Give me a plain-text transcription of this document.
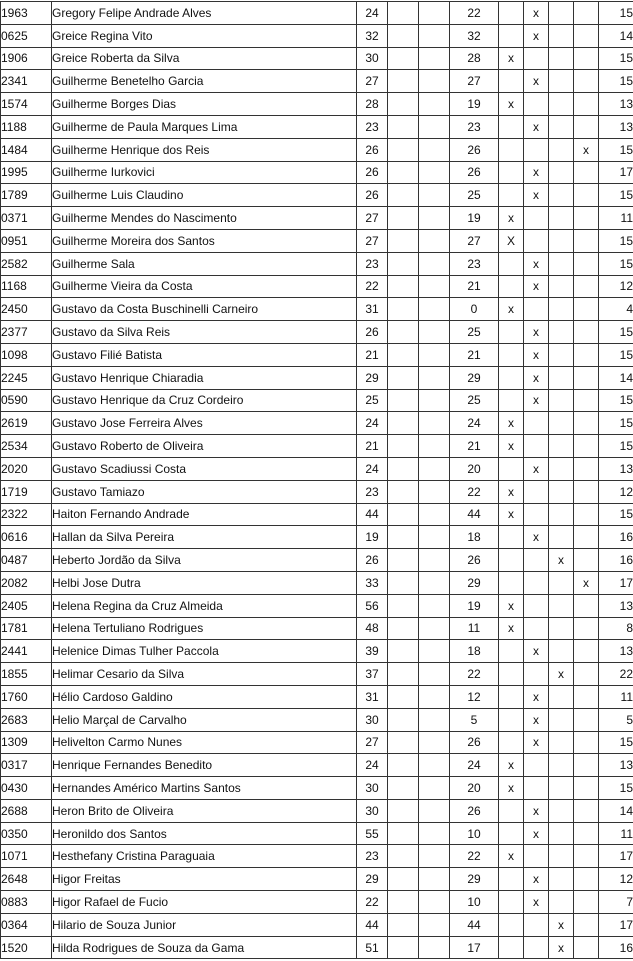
1963	Gregory Felipe Andrade Alves	24			22		x			15
0625	Greice Regina Vito	32			32		x			14
1906	Greice Roberta da Silva	30			28	x				15
2341	Guilherme Benetelho Garcia	27			27		x			15
1574	Guilherme Borges Dias	28			19	x				13
1188	Guilherme de Paula Marques Lima	23			23		x			13
1484	Guilherme Henrique dos Reis	26			26				x	15
1995	Guilherme Iurkovici	26			26		x			17
1789	Guilherme Luis Claudino	26			25		x			15
0371	Guilherme Mendes do Nascimento	27			19	x				11
0951	Guilherme Moreira dos Santos	27			27	X				15
2582	Guilherme Sala	23			23		x			15
1168	Guilherme Vieira da Costa	22			21		x			12
2450	Gustavo da Costa Buschinelli Carneiro	31			0	x				4
2377	Gustavo da Silva Reis	26			25		x			15
1098	Gustavo Filié Batista	21			21		x			15
2245	Gustavo Henrique Chiaradia	29			29		x			14
0590	Gustavo Henrique da Cruz Cordeiro	25			25		x			15
2619	Gustavo Jose Ferreira Alves	24			24	x				15
2534	Gustavo Roberto de Oliveira	21			21	x				15
2020	Gustavo Scadiussi Costa	24			20		x			13
1719	Gustavo Tamiazo	23			22	x				12
2322	Haiton Fernando Andrade	44			44	x				15
0616	Hallan da Silva Pereira	19			18		x			16
0487	Heberto Jordão da Silva	26			26			x		16
2082	Helbi Jose Dutra	33			29				x	17
2405	Helena Regina da Cruz Almeida	56			19	x				13
1781	Helena Tertuliano Rodrigues	48			11	x				8
2441	Helenice Dimas Tulher Paccola	39			18		x			13
1855	Helimar Cesario da Silva	37			22			x		22
1760	Hélio Cardoso Galdino	31			12		x			11
2683	Helio Marçal de Carvalho	30			5		x			5
1309	Helivelton Carmo Nunes	27			26		x			15
0317	Henrique Fernandes Benedito	24			24	x				13
0430	Hernandes Américo Martins Santos	30			20	x				15
2688	Heron Brito de Oliveira	30			26		x			14
0350	Heronildo dos Santos	55			10		x			11
1071	Hesthefany Cristina Paraguaia	23			22	x				17
2648	Higor Freitas	29			29		x			12
0883	Higor Rafael de Fucio	22			10		x			7
0364	Hilario de Souza Junior	44			44			x		17
1520	Hilda Rodrigues de Souza da Gama	51			17			x		16
